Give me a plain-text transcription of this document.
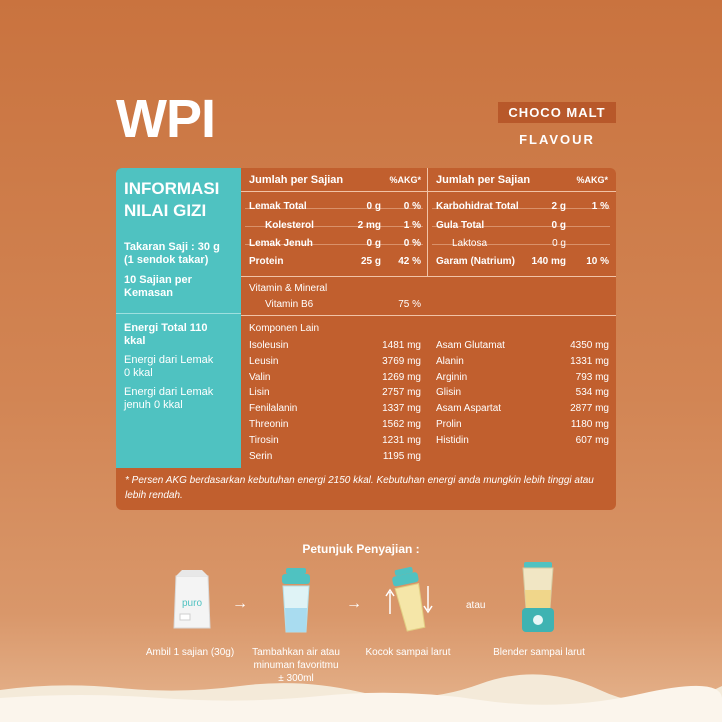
WPI	CHOCO MALT
FLAVOUR
INFORMASI
NILAI GIZI
Takaran Saji : 30 g
(1 sendok takar)
10 Sajian per
Kemasan
Energi Total 110
kkal
Energi dari Lemak
0 kkal
Energi dari Lemak
jenuh 0 kkal
Jumlah per Sajian	%AKG* Jumlah per Sajian	%AKG*
Lemak Total	0 g	0 %
Kolesterol	2 mg	1 %
Lemak Jenuh	0 g	0 %
Protein	25 g	42 %
Karbohidrat Total	2 g	1 %
Gula Total	0 g
Laktosa	0 g
Garam (Natrium)	140 mg	10 %
Vitamin & Mineral
Vitamin B6	75 %
Komponen Lain
Isoleusin	1481 mg
Leusin	3769 mg
Valin	1269 mg
Lisin	2757 mg
Fenilalanin	1337 mg
Threonin	1562 mg
Tirosin	1231 mg
Serin	1195 mg
Asam Glutamat	4350 mg
Alanin	1331 mg
Arginin	793 mg
Glisin	534 mg
Asam Aspartat	2877 mg
Prolin	1180 mg
Histidin	607 mg
* Persen AKG berdasarkan kebutuhan energi 2150 kkal. Kebutuhan energi anda mungkin lebih tinggi atau lebih rendah.
Petunjuk Penyajian :
puro →	→	atau
Ambil 1 sajian (30g)	Tambahkan air atau
minuman favoritmu
± 300ml
Kocok sampai larut	Blender sampai larut
